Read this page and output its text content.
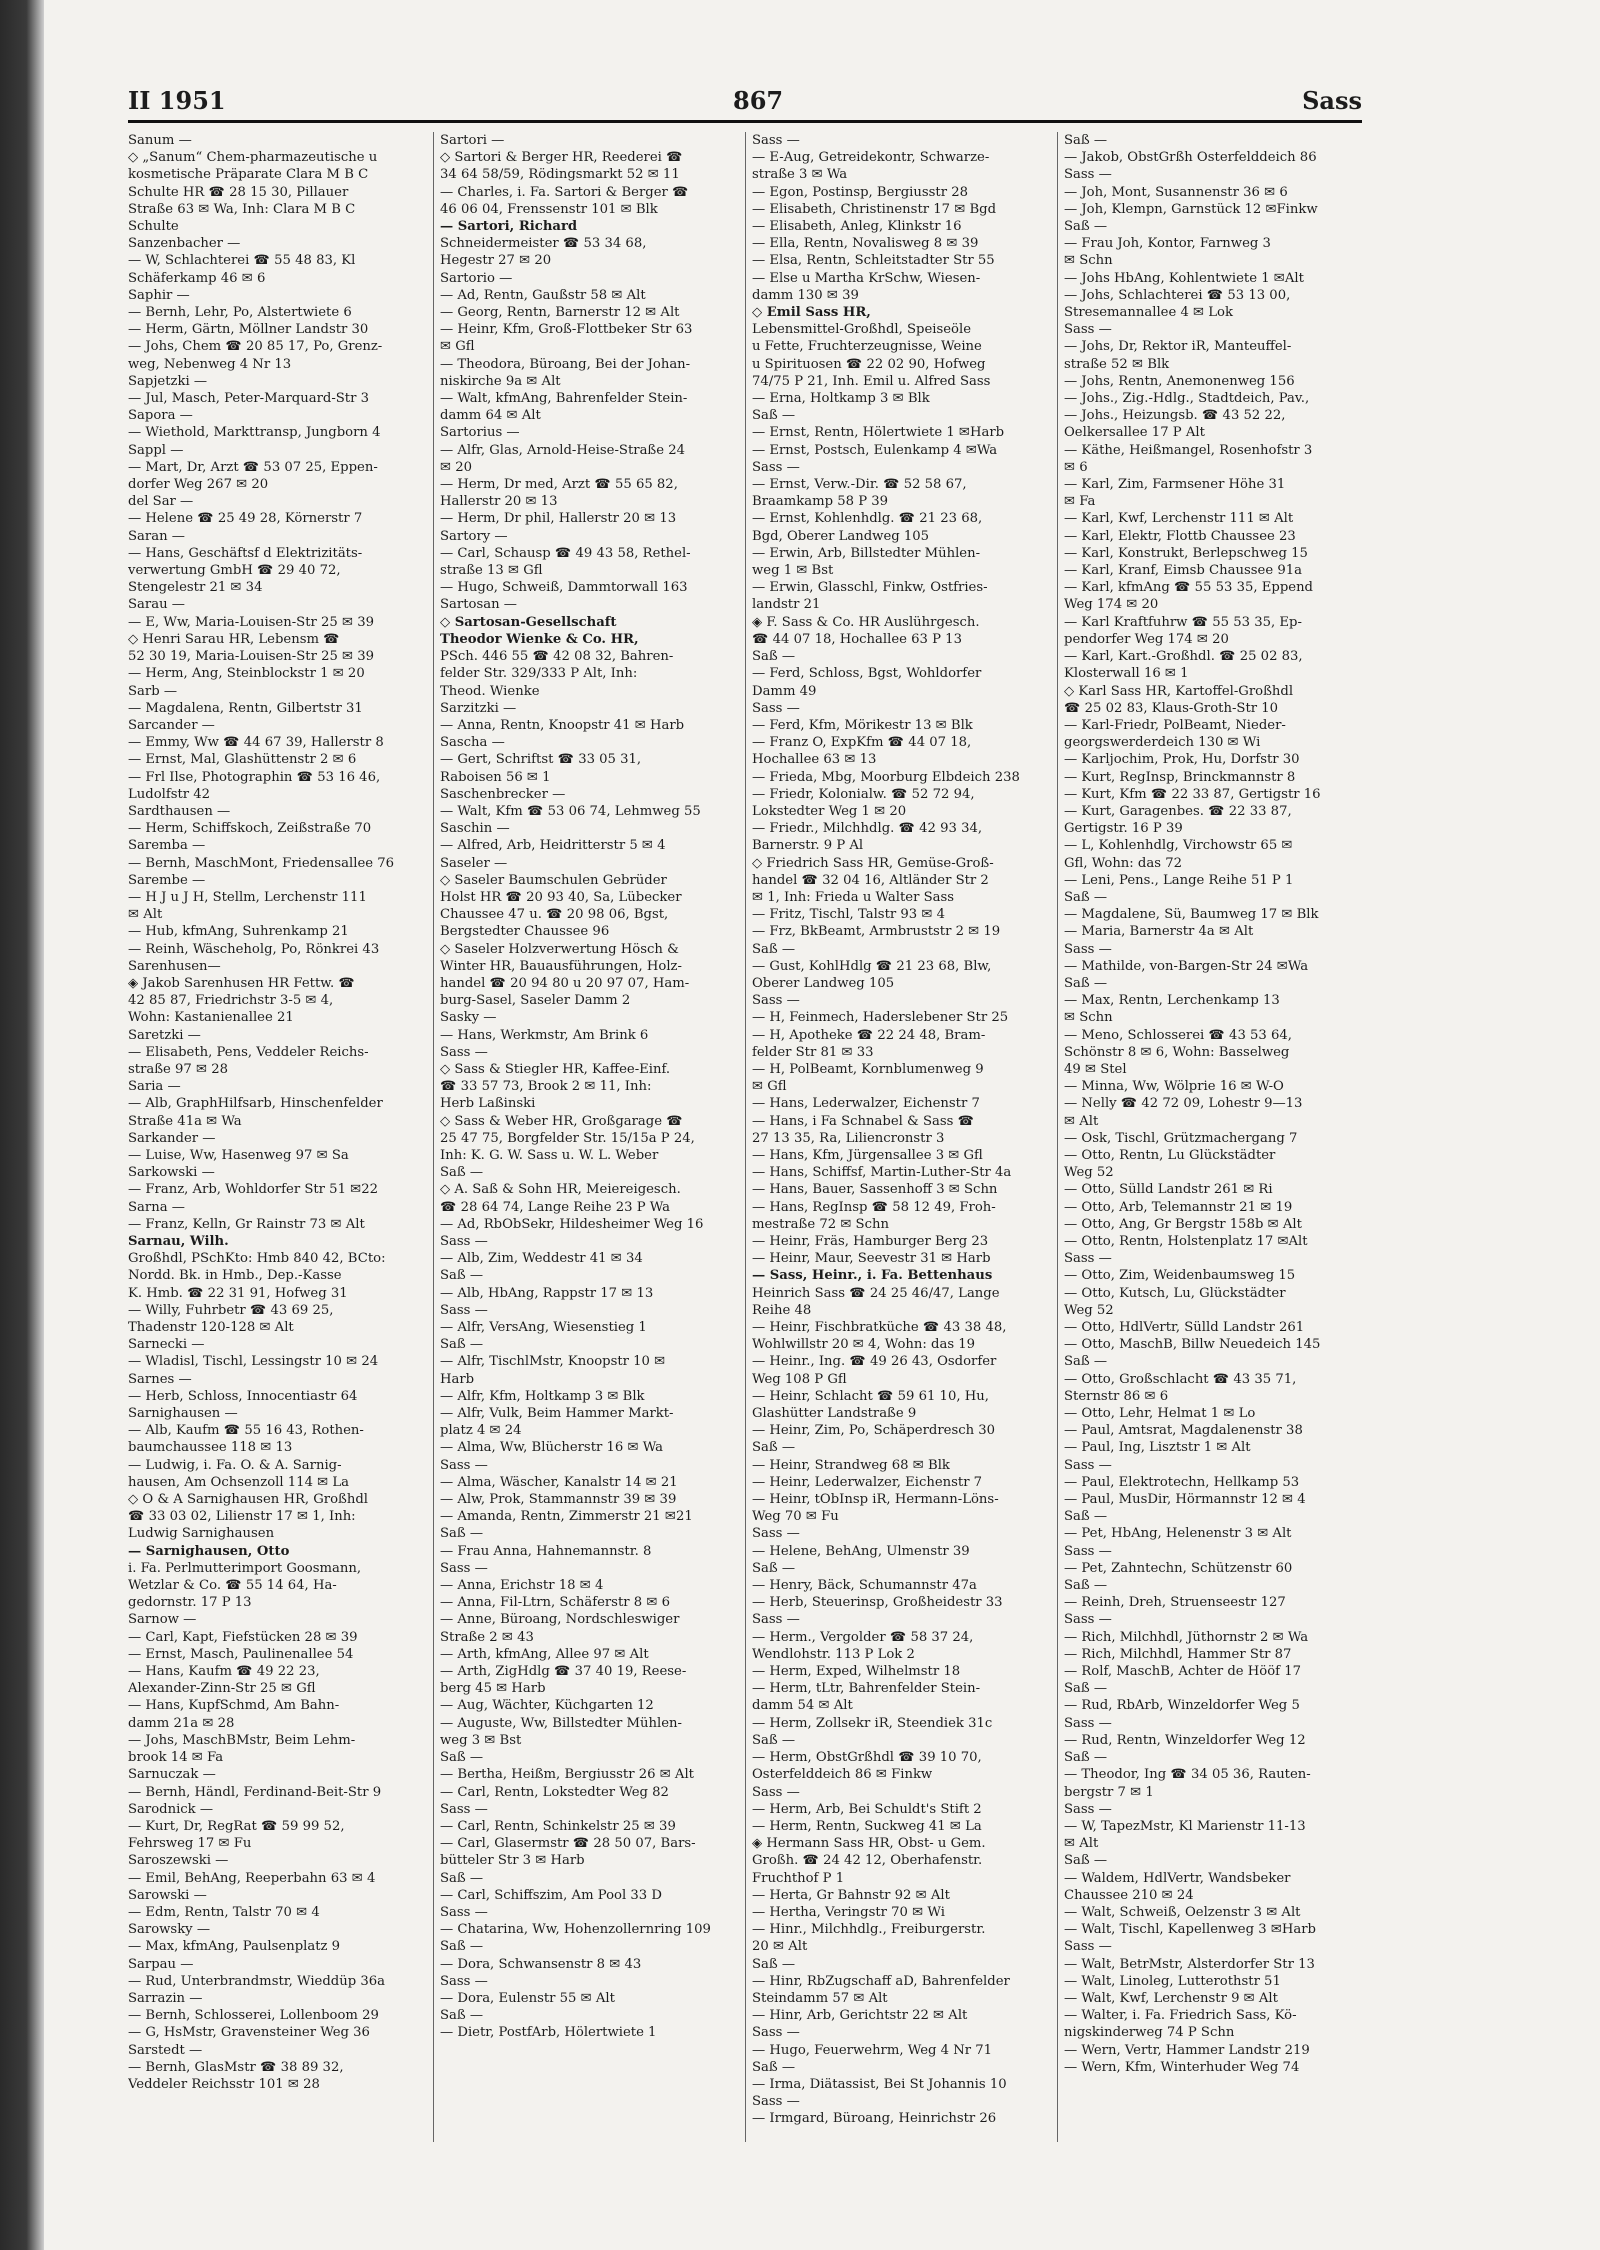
II 1951	867	Sass
Sanum —
◇ „Sanum“ Chem-pharmazeutische u
kosmetische Präparate Clara M B C
Schulte HR ☎ 28 15 30, Pillauer
Straße 63 ✉ Wa, Inh: Clara M B C
Schulte
Sanzenbacher —
— W, Schlachterei ☎ 55 48 83, Kl
Schäferkamp 46 ✉ 6
Saphir —
— Bernh, Lehr, Po, Alstertwiete 6
— Herm, Gärtn, Möllner Landstr 30
— Johs, Chem ☎ 20 85 17, Po, Grenz-
weg, Nebenweg 4 Nr 13
Sapjetzki —
— Jul, Masch, Peter-Marquard-Str 3
Sapora —
— Wiethold, Markttransp, Jungborn 4
Sappl —
— Mart, Dr, Arzt ☎ 53 07 25, Eppen-
dorfer Weg 267 ✉ 20
del Sar —
— Helene ☎ 25 49 28, Körnerstr 7
Saran —
— Hans, Geschäftsf d Elektrizitäts-
verwertung GmbH ☎ 29 40 72,
Stengelestr 21 ✉ 34
Sarau —
— E, Ww, Maria-Louisen-Str 25 ✉ 39
◇ Henri Sarau HR, Lebensm ☎
52 30 19, Maria-Louisen-Str 25 ✉ 39
— Herm, Ang, Steinblockstr 1 ✉ 20
Sarb —
— Magdalena, Rentn, Gilbertstr 31
Sarcander —
— Emmy, Ww ☎ 44 67 39, Hallerstr 8
— Ernst, Mal, Glashüttenstr 2 ✉ 6
— Frl Ilse, Photographin ☎ 53 16 46,
Ludolfstr 42
Sardthausen —
— Herm, Schiffskoch, Zeißstraße 70
Saremba —
— Bernh, MaschMont, Friedensallee 76
Sarembe —
— H J u J H, Stellm, Lerchenstr 111
✉ Alt
— Hub, kfmAng, Suhrenkamp 21
— Reinh, Wäscheholg, Po, Rönkrei 43
Sarenhusen—
◈ Jakob Sarenhusen HR Fettw. ☎
42 85 87, Friedrichstr 3-5 ✉ 4,
Wohn: Kastanienallee 21
Saretzki —
— Elisabeth, Pens, Veddeler Reichs-
straße 97 ✉ 28
Saria —
— Alb, GraphHilfsarb, Hinschenfelder
Straße 41a ✉ Wa
Sarkander —
— Luise, Ww, Hasenweg 97 ✉ Sa
Sarkowski —
— Franz, Arb, Wohldorfer Str 51 ✉22
Sarna —
— Franz, Kelln, Gr Rainstr 73 ✉ Alt
Sarnau, Wilh.
Großhdl, PSchKto: Hmb 840 42, BCto:
Nordd. Bk. in Hmb., Dep.-Kasse
K. Hmb. ☎ 22 31 91, Hofweg 31
— Willy, Fuhrbetr ☎ 43 69 25,
Thadenstr 120-128 ✉ Alt
Sarnecki —
— Wladisl, Tischl, Lessingstr 10 ✉ 24
Sarnes —
— Herb, Schloss, Innocentiastr 64
Sarnighausen —
— Alb, Kaufm ☎ 55 16 43, Rothen-
baumchaussee 118 ✉ 13
— Ludwig, i. Fa. O. & A. Sarnig-
hausen, Am Ochsenzoll 114 ✉ La
◇ O & A Sarnighausen HR, Großhdl
☎ 33 03 02, Lilienstr 17 ✉ 1, Inh:
Ludwig Sarnighausen
— Sarnighausen, Otto
i. Fa. Perlmutterimport Goosmann,
Wetzlar & Co. ☎ 55 14 64, Ha-
gedornstr. 17 P 13
Sarnow —
— Carl, Kapt, Fiefstücken 28 ✉ 39
— Ernst, Masch, Paulinenallee 54
— Hans, Kaufm ☎ 49 22 23,
Alexander-Zinn-Str 25 ✉ Gfl
— Hans, KupfSchmd, Am Bahn-
damm 21a ✉ 28
— Johs, MaschBMstr, Beim Lehm-
brook 14 ✉ Fa
Sarnuczak —
— Bernh, Händl, Ferdinand-Beit-Str 9
Sarodnick —
— Kurt, Dr, RegRat ☎ 59 99 52,
Fehrsweg 17 ✉ Fu
Saroszewski —
— Emil, BehAng, Reeperbahn 63 ✉ 4
Sarowski —
— Edm, Rentn, Talstr 70 ✉ 4
Sarowsky —
— Max, kfmAng, Paulsenplatz 9
Sarpau —
— Rud, Unterbrandmstr, Wieddüp 36a
Sarrazin —
— Bernh, Schlosserei, Lollenboom 29
— G, HsMstr, Gravensteiner Weg 36
Sarstedt —
— Bernh, GlasMstr ☎ 38 89 32,
Veddeler Reichsstr 101 ✉ 28
Sartori —
◇ Sartori & Berger HR, Reederei ☎
34 64 58/59, Rödingsmarkt 52 ✉ 11
— Charles, i. Fa. Sartori & Berger ☎
46 06 04, Frenssenstr 101 ✉ Blk
— Sartori, Richard
Schneidermeister ☎ 53 34 68,
Hegestr 27 ✉ 20
Sartorio —
— Ad, Rentn, Gaußstr 58 ✉ Alt
— Georg, Rentn, Barnerstr 12 ✉ Alt
— Heinr, Kfm, Groß-Flottbeker Str 63
✉ Gfl
— Theodora, Büroang, Bei der Johan-
niskirche 9a ✉ Alt
— Walt, kfmAng, Bahrenfelder Stein-
damm 64 ✉ Alt
Sartorius —
— Alfr, Glas, Arnold-Heise-Straße 24
✉ 20
— Herm, Dr med, Arzt ☎ 55 65 82,
Hallerstr 20 ✉ 13
— Herm, Dr phil, Hallerstr 20 ✉ 13
Sartory —
— Carl, Schausp ☎ 49 43 58, Rethel-
straße 13 ✉ Gfl
— Hugo, Schweiß, Dammtorwall 163
Sartosan —
◇ Sartosan-Gesellschaft
Theodor Wienke & Co. HR,
PSch. 446 55 ☎ 42 08 32, Bahren-
felder Str. 329/333 P Alt, Inh:
Theod. Wienke
Sarzitzki —
— Anna, Rentn, Knoopstr 41 ✉ Harb
Sascha —
— Gert, Schriftst ☎ 33 05 31,
Raboisen 56 ✉ 1
Saschenbrecker —
— Walt, Kfm ☎ 53 06 74, Lehmweg 55
Saschin —
— Alfred, Arb, Heidritterstr 5 ✉ 4
Saseler —
◇ Saseler Baumschulen Gebrüder
Holst HR ☎ 20 93 40, Sa, Lübecker
Chaussee 47 u. ☎ 20 98 06, Bgst,
Bergstedter Chaussee 96
◇ Saseler Holzverwertung Hösch &
Winter HR, Bauausführungen, Holz-
handel ☎ 20 94 80 u 20 97 07, Ham-
burg-Sasel, Saseler Damm 2
Sasky —
— Hans, Werkmstr, Am Brink 6
Sass —
◇ Sass & Stiegler HR, Kaffee-Einf.
☎ 33 57 73, Brook 2 ✉ 11, Inh:
Herb Laßinski
◇ Sass & Weber HR, Großgarage ☎
25 47 75, Borgfelder Str. 15/15a P 24,
Inh: K. G. W. Sass u. W. L. Weber
Saß —
◇ A. Saß & Sohn HR, Meiereigesch.
☎ 28 64 74, Lange Reihe 23 P Wa
— Ad, RbObSekr, Hildesheimer Weg 16
Sass —
— Alb, Zim, Weddestr 41 ✉ 34
Saß —
— Alb, HbAng, Rappstr 17 ✉ 13
Sass —
— Alfr, VersAng, Wiesenstieg 1
Saß —
— Alfr, TischlMstr, Knoopstr 10 ✉
Harb
— Alfr, Kfm, Holtkamp 3 ✉ Blk
— Alfr, Vulk, Beim Hammer Markt-
platz 4 ✉ 24
— Alma, Ww, Blücherstr 16 ✉ Wa
Sass —
— Alma, Wäscher, Kanalstr 14 ✉ 21
— Alw, Prok, Stammannstr 39 ✉ 39
— Amanda, Rentn, Zimmerstr 21 ✉21
Saß —
— Frau Anna, Hahnemannstr. 8
Sass —
— Anna, Erichstr 18 ✉ 4
— Anna, Fil-Ltrn, Schäferstr 8 ✉ 6
— Anne, Büroang, Nordschleswiger
Straße 2 ✉ 43
— Arth, kfmAng, Allee 97 ✉ Alt
— Arth, ZigHdlg ☎ 37 40 19, Reese-
berg 45 ✉ Harb
— Aug, Wächter, Küchgarten 12
— Auguste, Ww, Billstedter Mühlen-
weg 3 ✉ Bst
Saß —
— Bertha, Heißm, Bergiusstr 26 ✉ Alt
— Carl, Rentn, Lokstedter Weg 82
Sass —
— Carl, Rentn, Schinkelstr 25 ✉ 39
— Carl, Glasermstr ☎ 28 50 07, Bars-
bütteler Str 3 ✉ Harb
Saß —
— Carl, Schiffszim, Am Pool 33 D
Sass —
— Chatarina, Ww, Hohenzollernring 109
Saß —
— Dora, Schwansenstr 8 ✉ 43
Sass —
— Dora, Eulenstr 55 ✉ Alt
Saß —
— Dietr, PostfArb, Hölertwiete 1
Sass —
— E-Aug, Getreidekontr, Schwarze-
straße 3 ✉ Wa
— Egon, Postinsp, Bergiusstr 28
— Elisabeth, Christinenstr 17 ✉ Bgd
— Elisabeth, Anleg, Klinkstr 16
— Ella, Rentn, Novalisweg 8 ✉ 39
— Elsa, Rentn, Schleitstadter Str 55
— Else u Martha KrSchw, Wiesen-
damm 130 ✉ 39
◇ Emil Sass HR,
Lebensmittel-Großhdl, Speiseöle
u Fette, Fruchterzeugnisse, Weine
u Spirituosen ☎ 22 02 90, Hofweg
74/75 P 21, Inh. Emil u. Alfred Sass
— Erna, Holtkamp 3 ✉ Blk
Saß —
— Ernst, Rentn, Hölertwiete 1 ✉Harb
— Ernst, Postsch, Eulenkamp 4 ✉Wa
Sass —
— Ernst, Verw.-Dir. ☎ 52 58 67,
Braamkamp 58 P 39
— Ernst, Kohlenhdlg. ☎ 21 23 68,
Bgd, Oberer Landweg 105
— Erwin, Arb, Billstedter Mühlen-
weg 1 ✉ Bst
— Erwin, Glasschl, Finkw, Ostfries-
landstr 21
◈ F. Sass & Co. HR Auslührgesch.
☎ 44 07 18, Hochallee 63 P 13
Saß —
— Ferd, Schloss, Bgst, Wohldorfer
Damm 49
Sass —
— Ferd, Kfm, Mörikestr 13 ✉ Blk
— Franz O, ExpKfm ☎ 44 07 18,
Hochallee 63 ✉ 13
— Frieda, Mbg, Moorburg Elbdeich 238
— Friedr, Kolonialw. ☎ 52 72 94,
Lokstedter Weg 1 ✉ 20
— Friedr., Milchhdlg. ☎ 42 93 34,
Barnerstr. 9 P Al
◇ Friedrich Sass HR, Gemüse-Groß-
handel ☎ 32 04 16, Altländer Str 2
✉ 1, Inh: Frieda u Walter Sass
— Fritz, Tischl, Talstr 93 ✉ 4
— Frz, BkBeamt, Armbruststr 2 ✉ 19
Saß —
— Gust, KohlHdlg ☎ 21 23 68, Blw,
Oberer Landweg 105
Sass —
— H, Feinmech, Haderslebener Str 25
— H, Apotheke ☎ 22 24 48, Bram-
felder Str 81 ✉ 33
— H, PolBeamt, Kornblumenweg 9
✉ Gfl
— Hans, Lederwalzer, Eichenstr 7
— Hans, i Fa Schnabel & Sass ☎
27 13 35, Ra, Liliencronstr 3
— Hans, Kfm, Jürgensallee 3 ✉ Gfl
— Hans, Schiffsf, Martin-Luther-Str 4a
— Hans, Bauer, Sassenhoff 3 ✉ Schn
— Hans, RegInsp ☎ 58 12 49, Froh-
mestraße 72 ✉ Schn
— Heinr, Fräs, Hamburger Berg 23
— Heinr, Maur, Seevestr 31 ✉ Harb
— Sass, Heinr., i. Fa. Bettenhaus
Heinrich Sass ☎ 24 25 46/47, Lange
Reihe 48
— Heinr, Fischbratküche ☎ 43 38 48,
Wohlwillstr 20 ✉ 4, Wohn: das 19
— Heinr., Ing. ☎ 49 26 43, Osdorfer
Weg 108 P Gfl
— Heinr, Schlacht ☎ 59 61 10, Hu,
Glashütter Landstraße 9
— Heinr, Zim, Po, Schäperdresch 30
Saß —
— Heinr, Strandweg 68 ✉ Blk
— Heinr, Lederwalzer, Eichenstr 7
— Heinr, tObInsp iR, Hermann-Löns-
Weg 70 ✉ Fu
Sass —
— Helene, BehAng, Ulmenstr 39
Saß —
— Henry, Bäck, Schumannstr 47a
— Herb, Steuerinsp, Großheidestr 33
Sass —
— Herm., Vergolder ☎ 58 37 24,
Wendlohstr. 113 P Lok 2
— Herm, Exped, Wilhelmstr 18
— Herm, tLtr, Bahrenfelder Stein-
damm 54 ✉ Alt
— Herm, Zollsekr iR, Steendiek 31c
Saß —
— Herm, ObstGrßhdl ☎ 39 10 70,
Osterfelddeich 86 ✉ Finkw
Sass —
— Herm, Arb, Bei Schuldt's Stift 2
— Herm, Rentn, Suckweg 41 ✉ La
◈ Hermann Sass HR, Obst- u Gem.
Großh. ☎ 24 42 12, Oberhafenstr.
Fruchthof P 1
— Herta, Gr Bahnstr 92 ✉ Alt
— Hertha, Veringstr 70 ✉ Wi
— Hinr., Milchhdlg., Freiburgerstr.
20 ✉ Alt
Saß —
— Hinr, RbZugschaff aD, Bahrenfelder
Steindamm 57 ✉ Alt
— Hinr, Arb, Gerichtstr 22 ✉ Alt
Sass —
— Hugo, Feuerwehrm, Weg 4 Nr 71
Saß —
— Irma, Diätassist, Bei St Johannis 10
Sass —
— Irmgard, Büroang, Heinrichstr 26
Saß —
— Jakob, ObstGrßh Osterfelddeich 86
Sass —
— Joh, Mont, Susannenstr 36 ✉ 6
— Joh, Klempn, Garnstück 12 ✉Finkw
Saß —
— Frau Joh, Kontor, Farnweg 3
✉ Schn
— Johs HbAng, Kohlentwiete 1 ✉Alt
— Johs, Schlachterei ☎ 53 13 00,
Stresemannallee 4 ✉ Lok
Sass —
— Johs, Dr, Rektor iR, Manteuffel-
straße 52 ✉ Blk
— Johs, Rentn, Anemonenweg 156
— Johs., Zig.-Hdlg., Stadtdeich, Pav.,
— Johs., Heizungsb. ☎ 43 52 22,
Oelkersallee 17 P Alt
— Käthe, Heißmangel, Rosenhofstr 3
✉ 6
— Karl, Zim, Farmsener Höhe 31
✉ Fa
— Karl, Kwf, Lerchenstr 111 ✉ Alt
— Karl, Elektr, Flottb Chaussee 23
— Karl, Konstrukt, Berlepschweg 15
— Karl, Kranf, Eimsb Chaussee 91a
— Karl, kfmAng ☎ 55 53 35, Eppend
Weg 174 ✉ 20
— Karl Kraftfuhrw ☎ 55 53 35, Ep-
pendorfer Weg 174 ✉ 20
— Karl, Kart.-Großhdl. ☎ 25 02 83,
Klosterwall 16 ✉ 1
◇ Karl Sass HR, Kartoffel-Großhdl
☎ 25 02 83, Klaus-Groth-Str 10
— Karl-Friedr, PolBeamt, Nieder-
georgswerderdeich 130 ✉ Wi
— Karljochim, Prok, Hu, Dorfstr 30
— Kurt, RegInsp, Brinckmannstr 8
— Kurt, Kfm ☎ 22 33 87, Gertigstr 16
— Kurt, Garagenbes. ☎ 22 33 87,
Gertigstr. 16 P 39
— L, Kohlenhdlg, Virchowstr 65 ✉
Gfl, Wohn: das 72
— Leni, Pens., Lange Reihe 51 P 1
Saß —
— Magdalene, Sü, Baumweg 17 ✉ Blk
— Maria, Barnerstr 4a ✉ Alt
Sass —
— Mathilde, von-Bargen-Str 24 ✉Wa
Saß —
— Max, Rentn, Lerchenkamp 13
✉ Schn
— Meno, Schlosserei ☎ 43 53 64,
Schönstr 8 ✉ 6, Wohn: Basselweg
49 ✉ Stel
— Minna, Ww, Wölprie 16 ✉ W-O
— Nelly ☎ 42 72 09, Lohestr 9—13
✉ Alt
— Osk, Tischl, Grützmachergang 7
— Otto, Rentn, Lu Glückstädter
Weg 52
— Otto, Sülld Landstr 261 ✉ Ri
— Otto, Arb, Telemannstr 21 ✉ 19
— Otto, Ang, Gr Bergstr 158b ✉ Alt
— Otto, Rentn, Holstenplatz 17 ✉Alt
Sass —
— Otto, Zim, Weidenbaumsweg 15
— Otto, Kutsch, Lu, Glückstädter
Weg 52
— Otto, HdlVertr, Sülld Landstr 261
— Otto, MaschB, Billw Neuedeich 145
Saß —
— Otto, Großschlacht ☎ 43 35 71,
Sternstr 86 ✉ 6
— Otto, Lehr, Helmat 1 ✉ Lo
— Paul, Amtsrat, Magdalenenstr 38
— Paul, Ing, Lisztstr 1 ✉ Alt
Sass —
— Paul, Elektrotechn, Hellkamp 53
— Paul, MusDir, Hörmannstr 12 ✉ 4
Saß —
— Pet, HbAng, Helenenstr 3 ✉ Alt
Sass —
— Pet, Zahntechn, Schützenstr 60
Saß —
— Reinh, Dreh, Struenseestr 127
Sass —
— Rich, Milchhdl, Jüthornstr 2 ✉ Wa
— Rich, Milchhdl, Hammer Str 87
— Rolf, MaschB, Achter de Hööf 17
Saß —
— Rud, RbArb, Winzeldorfer Weg 5
Sass —
— Rud, Rentn, Winzeldorfer Weg 12
Saß —
— Theodor, Ing ☎ 34 05 36, Rauten-
bergstr 7 ✉ 1
Sass —
— W, TapezMstr, Kl Marienstr 11-13
✉ Alt
Saß —
— Waldem, HdlVertr, Wandsbeker
Chaussee 210 ✉ 24
— Walt, Schweiß, Oelzenstr 3 ✉ Alt
— Walt, Tischl, Kapellenweg 3 ✉Harb
Sass —
— Walt, BetrMstr, Alsterdorfer Str 13
— Walt, Linoleg, Lutterothstr 51
— Walt, Kwf, Lerchenstr 9 ✉ Alt
— Walter, i. Fa. Friedrich Sass, Kö-
nigskinderweg 74 P Schn
— Wern, Vertr, Hammer Landstr 219
— Wern, Kfm, Winterhuder Weg 74
